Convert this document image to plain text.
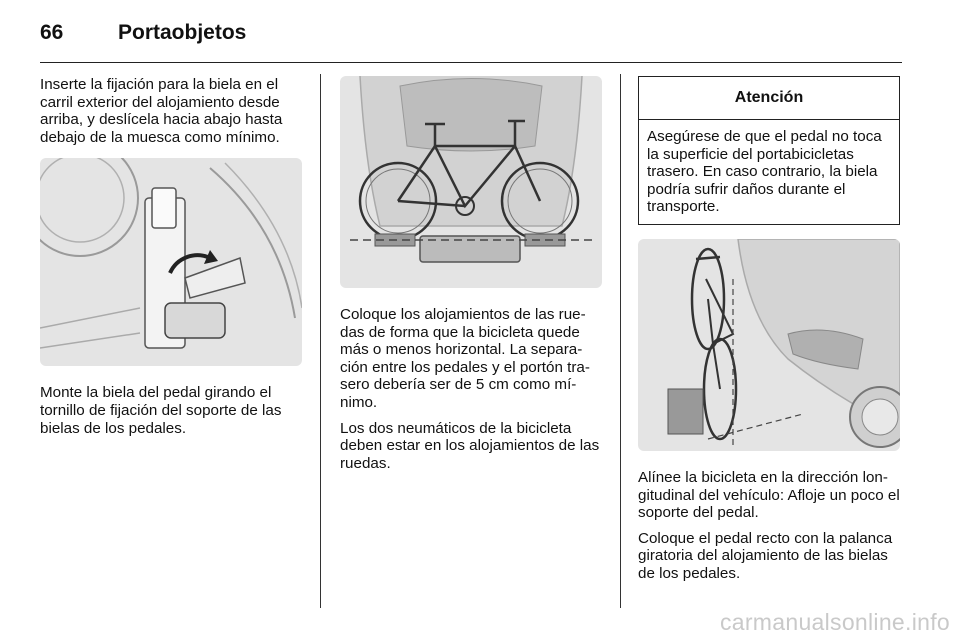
66	Portaobjetos

Inserte la fijación para la biela en el carril exterior del alojamiento desde arriba, y deslícela hacia abajo hasta debajo de la muesca como mínimo.

Monte la biela del pedal girando el tornillo de fijación del soporte de las bielas de los pedales.

Coloque los alojamientos de las ruedas de forma que la bicicleta quede más o menos horizontal. La separación entre los pedales y el portón trasero debería ser de 5 cm como mínimo.

Los dos neumáticos de la bicicleta deben estar en los alojamientos de las ruedas.

Atención
Asegúrese de que el pedal no toca la superficie del portabicicletas trasero. En caso contrario, la biela podría sufrir daños durante el transporte.

Alínee la bicicleta en la dirección longitudinal del vehículo: Afloje un poco el soporte del pedal.

Coloque el pedal recto con la palanca giratoria del alojamiento de las bielas de los pedales.

carmanualsonline.info
